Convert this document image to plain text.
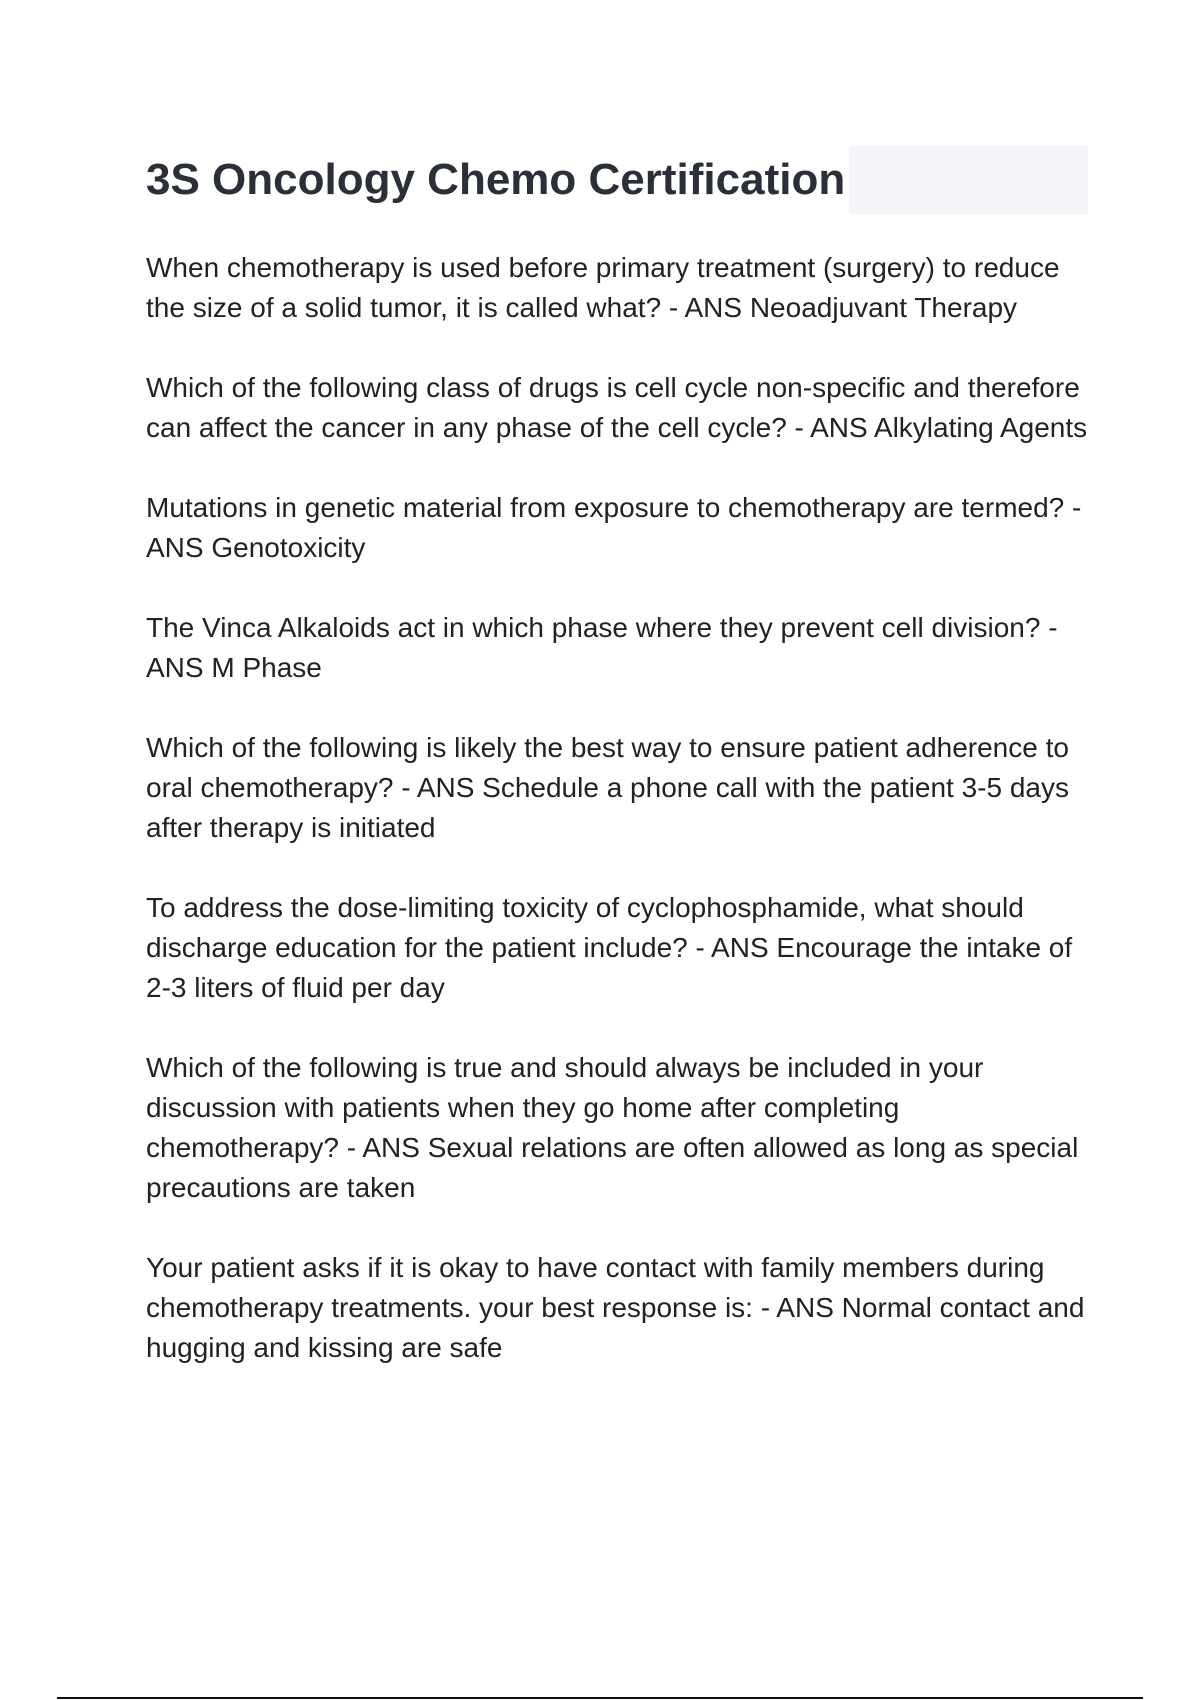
3S Oncology Chemo Certification
When chemotherapy is used before primary treatment (surgery) to reduce the size of a solid tumor, it is called what? - ANS Neoadjuvant Therapy
Which of the following class of drugs is cell cycle non-specific and therefore can affect the cancer in any phase of the cell cycle? - ANS Alkylating Agents
Mutations in genetic material from exposure to chemotherapy are termed? - ANS Genotoxicity
The Vinca Alkaloids act in which phase where they prevent cell division? - ANS M Phase
Which of the following is likely the best way to ensure patient adherence to oral chemotherapy? - ANS Schedule a phone call with the patient 3-5 days after therapy is initiated
To address the dose-limiting toxicity of cyclophosphamide, what should discharge education for the patient include? - ANS Encourage the intake of 2-3 liters of fluid per day
Which of the following is true and should always be included in your discussion with patients when they go home after completing chemotherapy? - ANS Sexual relations are often allowed as long as special precautions are taken
Your patient asks if it is okay to have contact with family members during chemotherapy treatments. your best response is: - ANS Normal contact and hugging and kissing are safe
